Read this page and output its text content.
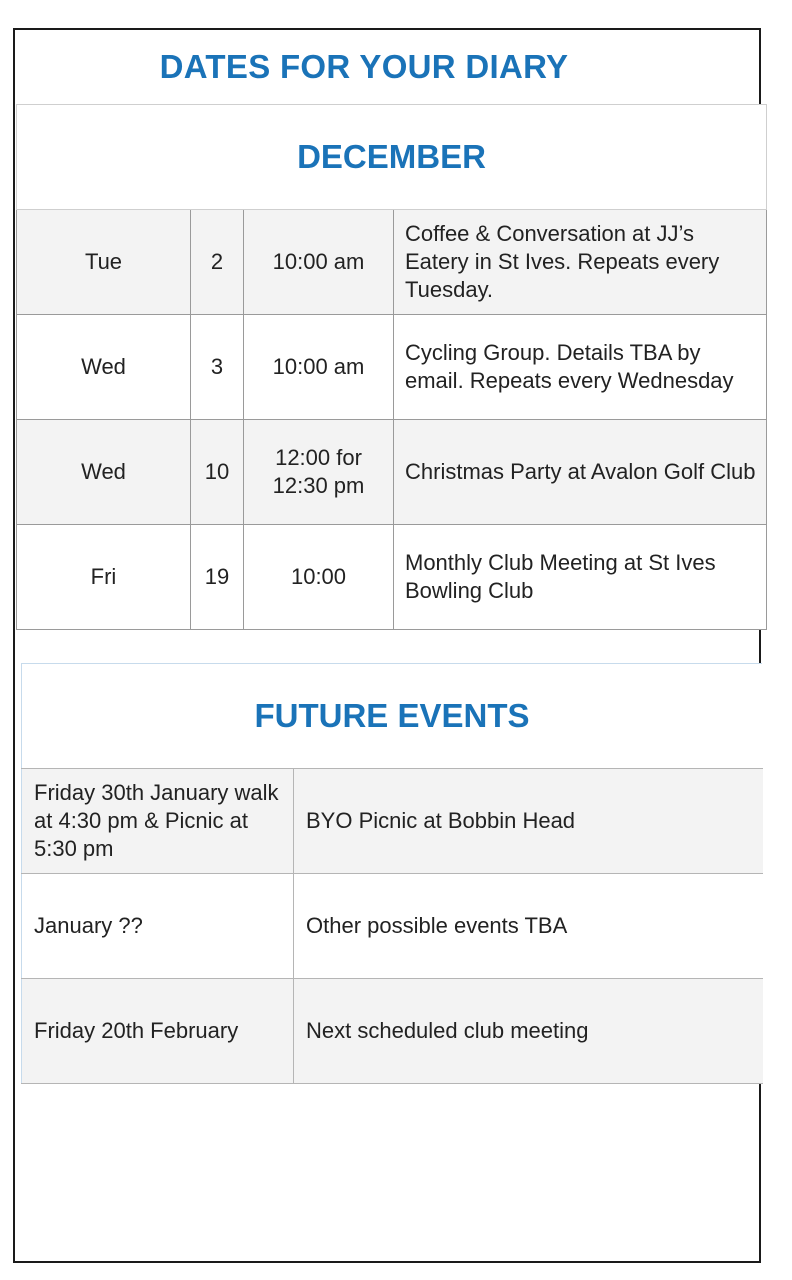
DATES FOR YOUR DIARY
DECEMBER			
Tue	2	10:00 am	Coffee & Conversation at JJ’s Eatery in St Ives. Repeats every Tuesday.
Wed	3	10:00 am	Cycling Group. Details TBA by email. Repeats every Wednesday
Wed	10	12:00 for 12:30 pm	Christmas Party at Avalon Golf Club
Fri	19	10:00	Monthly Club Meeting at St Ives Bowling Club
FUTURE EVENTS	
Friday 30th January walk at 4:30 pm & Picnic at 5:30 pm	BYO Picnic at Bobbin Head
January ??	Other possible events TBA
Friday 20th February	Next scheduled club meeting
